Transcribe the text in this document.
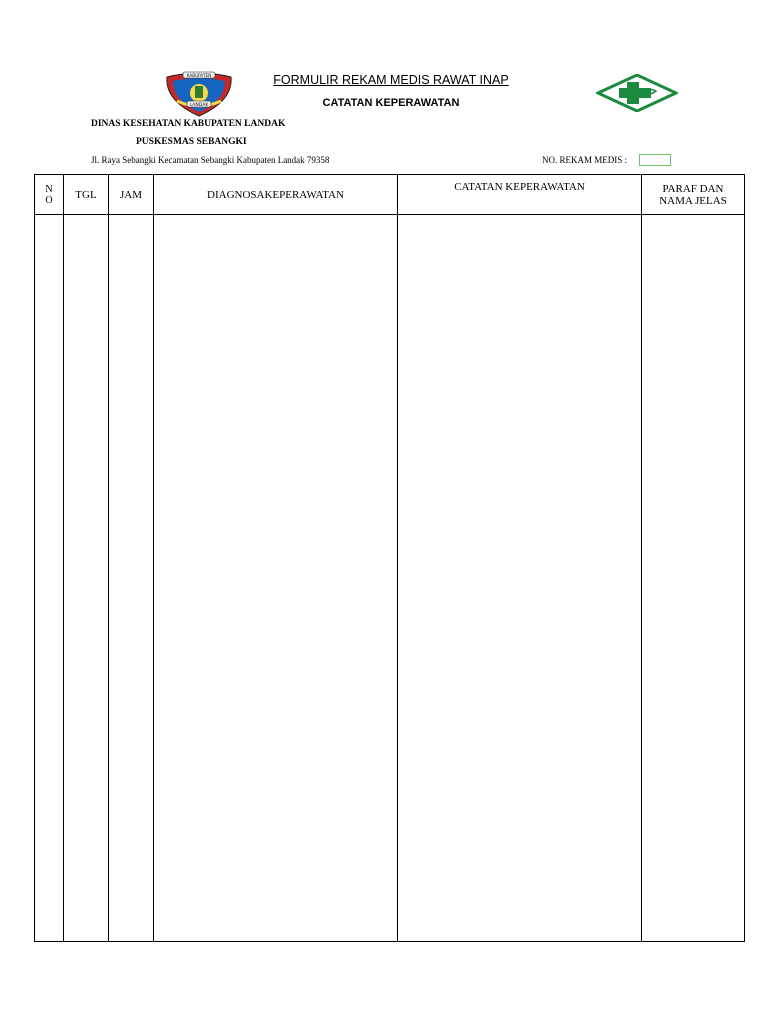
KABUPATEN
LANDAK
FORMULIR REKAM MEDIS RAWAT INAP
CATATAN KEPERAWATAN
DINAS KESEHATAN KABUPATEN LANDAK
PUSKESMAS SEBANGKI
Jl. Raya Sebangki Kecamatan Sebangki Kabupaten Landak 79358	NO. REKAM MEDIS :
N
O	TGL	JAM	DIAGNOSAKEPERAWATAN	CATATAN KEPERAWATAN	PARAF DAN
NAMA JELAS
